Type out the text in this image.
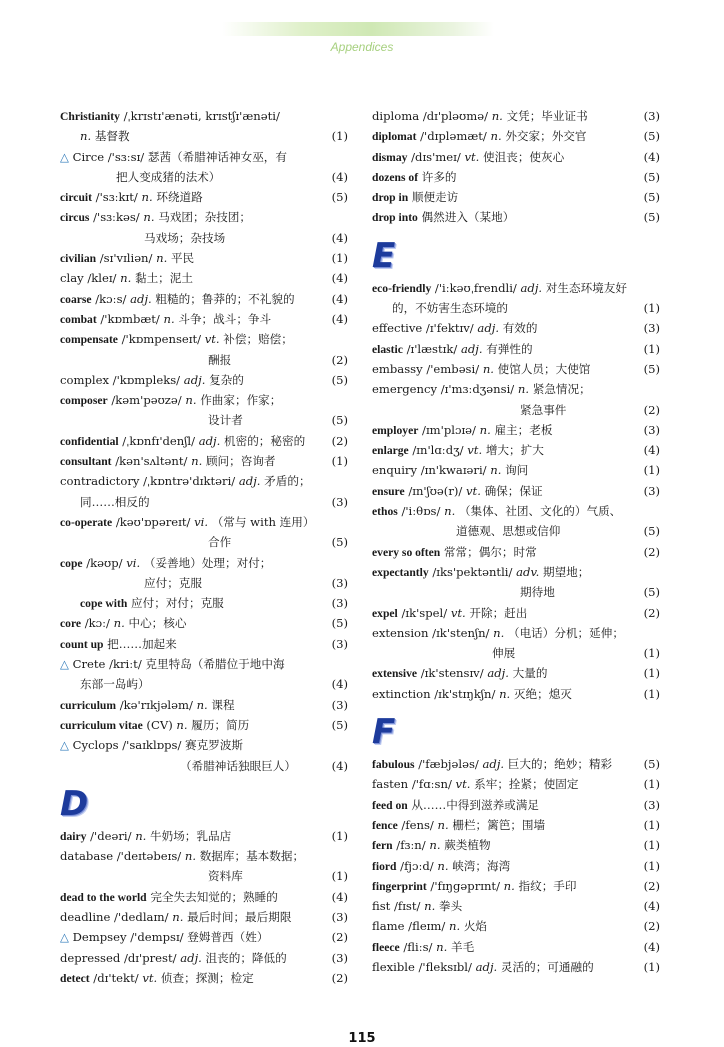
Appendices
Christianity /ˌkrɪstɪ'ænəti, krɪstʃɪ'ænəti/
n. 基督教	(1)
△ Circe /'sɜːsɪ/ 瑟茜（希腊神话神女巫，有
把人变成猪的法术）	(4)
circuit /'sɜːkɪt/ n. 环绕道路	(5)
circus /'sɜːkəs/ n. 马戏团；杂技团；
马戏场；杂技场	(4)
civilian /sɪ'vɪliən/ n. 平民	(1)
clay /kleɪ/ n. 黏土；泥土	(4)
coarse /kɔːs/ adj. 粗糙的；鲁莽的；不礼貌的	(4)
combat /'kɒmbæt/ n. 斗争；战斗；争斗	(4)
compensate /'kɒmpenseɪt/ vt. 补偿；赔偿；
酬报	(2)
complex /'kɒmpleks/ adj. 复杂的	(5)
composer /kəm'pəʊzə/ n. 作曲家；作家；
设计者	(5)
confidential /ˌkɒnfɪ'denʃl/ adj. 机密的；秘密的 (2)
consultant /kən'sʌltənt/ n. 顾问；咨询者	(1)
contradictory /ˌkɒntrə'dɪktəri/ adj. 矛盾的；
同……相反的	(3)
co-operate /kəʊ'ɒpəreɪt/ vi. （常与 with 连用）
合作	(5)
cope /kəʊp/ vi. （妥善地）处理；对付；
应付；克服	(3)
cope with 应付；对付；克服	(3)
core /kɔː/ n. 中心；核心	(5)
count up 把……加起来	(3)
△ Crete /kriːt/ 克里特岛（希腊位于地中海
东部一岛屿）	(4)
curriculum /kə'rɪkjələm/ n. 课程	(3)
curriculum vitae (CV) n. 履历；简历	(5)
△ Cyclops /'saɪklɒps/ 赛克罗波斯
（希腊神话独眼巨人）	(4)
D
dairy /'deəri/ n. 牛奶场；乳品店	(1)
database /'deɪtəbeɪs/ n. 数据库；基本数据；
资料库	(1)
dead to the world 完全失去知觉的；熟睡的	(4)
deadline /'dedlaɪn/ n. 最后时间；最后期限	(3)
△ Dempsey /'dempsɪ/ 登姆普西（姓）	(2)
depressed /dɪ'prest/ adj. 沮丧的；降低的	(3)
detect /dɪ'tekt/ vt. 侦查；探测；检定	(2)
diploma /dɪ'pləʊmə/ n. 文凭；毕业证书	(3)
diplomat /'dɪpləmæt/ n. 外交家；外交官	(5)
dismay /dɪs'meɪ/ vt. 使沮丧；使灰心	(4)
dozens of 许多的	(5)
drop in 顺便走访	(5)
drop into 偶然进入（某地）	(5)
E
eco-friendly /'iːkəʊˌfrendli/ adj. 对生态环境友好
的，不妨害生态环境的	(1)
effective /ɪ'fektɪv/ adj. 有效的	(3)
elastic /ɪ'læstɪk/ adj. 有弹性的	(1)
embassy /'embəsi/ n. 使馆人员；大使馆	(5)
emergency /ɪ'mɜːdʒənsi/ n. 紧急情况；
紧急事件	(2)
employer /ɪm'plɔɪə/ n. 雇主；老板	(3)
enlarge /ɪn'lɑːdʒ/ vt. 增大；扩大	(4)
enquiry /ɪn'kwaɪəri/ n. 询问	(1)
ensure /ɪn'ʃʊə(r)/ vt. 确保；保证	(3)
ethos /'iːθɒs/ n. （集体、社团、文化的）气质、
道德观、思想或信仰	(5)
every so often 常常；偶尔；时常	(2)
expectantly /ɪks'pektəntli/ adv. 期望地；
期待地	(5)
expel /ɪk'spel/ vt. 开除；赶出	(2)
extension /ɪk'stenʃn/ n. （电话）分机；延伸；
伸展	(1)
extensive /ɪk'stensɪv/ adj. 大量的	(1)
extinction /ɪk'stɪŋkʃn/ n. 灭绝；熄灭	(1)
F
fabulous /'fæbjələs/ adj. 巨大的；绝妙；精彩	(5)
fasten /'fɑːsn/ vt. 系牢；拴紧；使固定	(1)
feed on 从……中得到滋养或满足	(3)
fence /fens/ n. 栅栏；篱笆；围墙	(1)
fern /fɜːn/ n. 蕨类植物	(1)
fiord /fjɔːd/ n. 峡湾；海湾	(1)
fingerprint /'fɪŋgəprɪnt/ n. 指纹；手印	(2)
fist /fɪst/ n. 拳头	(4)
flame /fleɪm/ n. 火焰	(2)
fleece /fliːs/ n. 羊毛	(4)
flexible /'fleksɪbl/ adj. 灵活的；可通融的	(1)
115
